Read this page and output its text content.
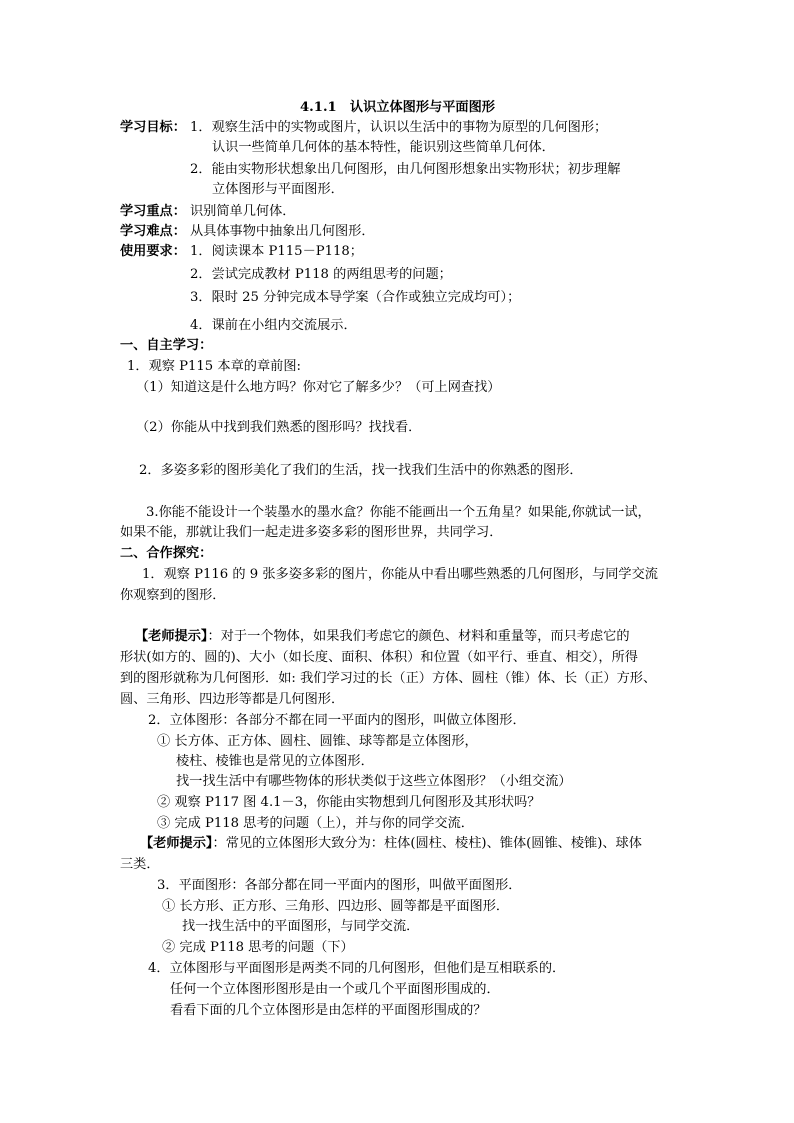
4.1.1　认识立体图形与平面图形
学习目标： 1．观察生活中的实物或图片，认识以生活中的事物为原型的几何图形；
认识一些简单几何体的基本特性，能识别这些简单几何体．
2．能由实物形状想象出几何图形，由几何图形想象出实物形状；初步理解
立体图形与平面图形．
学习重点： 识别简单几何体．
学习难点： 从具体事物中抽象出几何图形．
使用要求： 1．阅读课本 P115－P118；
2．尝试完成教材 P118 的两组思考的问题；
3．限时 25 分钟完成本导学案（合作或独立完成均可）；
4．课前在小组内交流展示．
一、自主学习：
1．观察 P115 本章的章前图:
（1）知道这是什么地方吗？你对它了解多少？（可上网查找）
（2）你能从中找到我们熟悉的图形吗？找找看．
2．多姿多彩的图形美化了我们的生活，找一找我们生活中的你熟悉的图形．
3.你能不能设计一个装墨水的墨水盒？你能不能画出一个五角星？如果能,你就试一试，
如果不能，那就让我们一起走进多姿多彩的图形世界，共同学习．
二、合作探究：
1．观察 P116 的 9 张多姿多彩的图片，你能从中看出哪些熟悉的几何图形，与同学交流
你观察到的图形．
【老师提示】：对于一个物体，如果我们考虑它的颜色、材料和重量等，而只考虑它的
形状(如方的、圆的)、大小（如长度、面积、体积）和位置（如平行、垂直、相交），所得
到的图形就称为几何图形．如: 我们学习过的长（正）方体、圆柱（锥）体、长（正）方形、
圆、三角形、四边形等都是几何图形．
2．立体图形：各部分不都在同一平面内的图形，叫做立体图形．
① 长方体、正方体、圆柱、圆锥、球等都是立体图形，
棱柱、棱锥也是常见的立体图形．
找一找生活中有哪些物体的形状类似于这些立体图形？（小组交流）
② 观察 P117 图 4.1－3，你能由实物想到几何图形及其形状吗？
③ 完成 P118 思考的问题（上），并与你的同学交流．
【老师提示】：常见的立体图形大致分为：柱体(圆柱、棱柱)、锥体(圆锥、棱锥)、球体
三类．
3．平面图形：各部分都在同一平面内的图形，叫做平面图形．
① 长方形、正方形、三角形、四边形、圆等都是平面图形．
找一找生活中的平面图形，与同学交流．
② 完成 P118 思考的问题（下）
4．立体图形与平面图形是两类不同的几何图形，但他们是互相联系的．
任何一个立体图形图形是由一个或几个平面图形围成的．
看看下面的几个立体图形是由怎样的平面图形围成的？
